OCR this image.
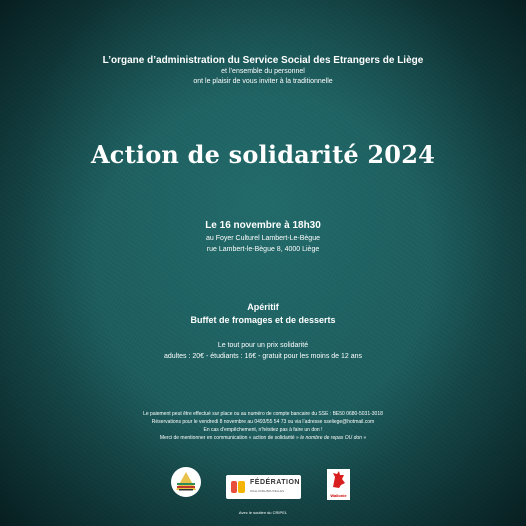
L’organe d’administration du Service Social des Etrangers de Liège
et l’ensemble du personnel
ont le plaisir de vous inviter à la traditionnelle
Action de solidarité 2024
Le 16 novembre à 18h30
au Foyer Culturel Lambert-Le-Bègue
rue Lambert-le-Bègue 8, 4000 Liège
Apéritif
Buffet de fromages et de desserts
Le tout pour un prix solidarité
adultes : 20€ - étudiants : 16€ - gratuit pour les moins de 12 ans
Le paiement peut être effectué sur place ou au numéro de compte bancaire du SSE : BE50 0680-5031-3018
Réservations pour le vendredi 8 novembre au 0493/55 54 73 ou via l’adresse sseliege@hotmail.com
En cas d’empêchement, n’hésitez pas à faire un don !
Merci de mentionner en communication « action de solidarité » le nombre de repas OU don »
FÉDÉRATION
WALLONIE-BRUXELLES
Wallonie
Avec le soutien du CRIPEL
